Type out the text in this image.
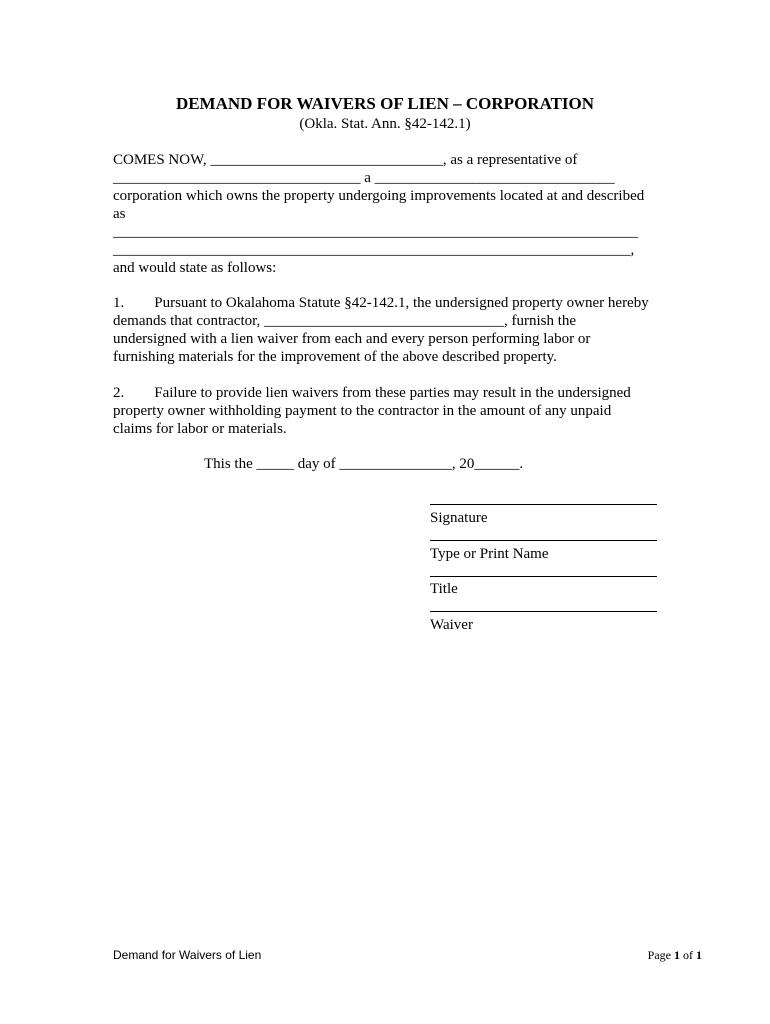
DEMAND FOR WAIVERS OF LIEN – CORPORATION
(Okla. Stat. Ann. §42-142.1)
COMES NOW, _______________________________, as a representative of
_________________________________ a ________________________________
corporation which owns the property undergoing improvements located at and described
as
______________________________________________________________________
_____________________________________________________________________,
and would state as follows:
1.        Pursuant to Okalahoma Statute §42-142.1, the undersigned property owner hereby
demands that contractor, ________________________________, furnish the
undersigned with a lien waiver from each and every person performing labor or
furnishing materials for the improvement of the above described property.
2.        Failure to provide lien waivers from these parties may result in the undersigned
property owner withholding payment to the contractor in the amount of any unpaid
claims for labor or materials.
This the _____ day of _______________, 20______.
Signature
Type or Print Name
Title
Waiver
Demand for Waivers of Lien	Page 1 of 1
